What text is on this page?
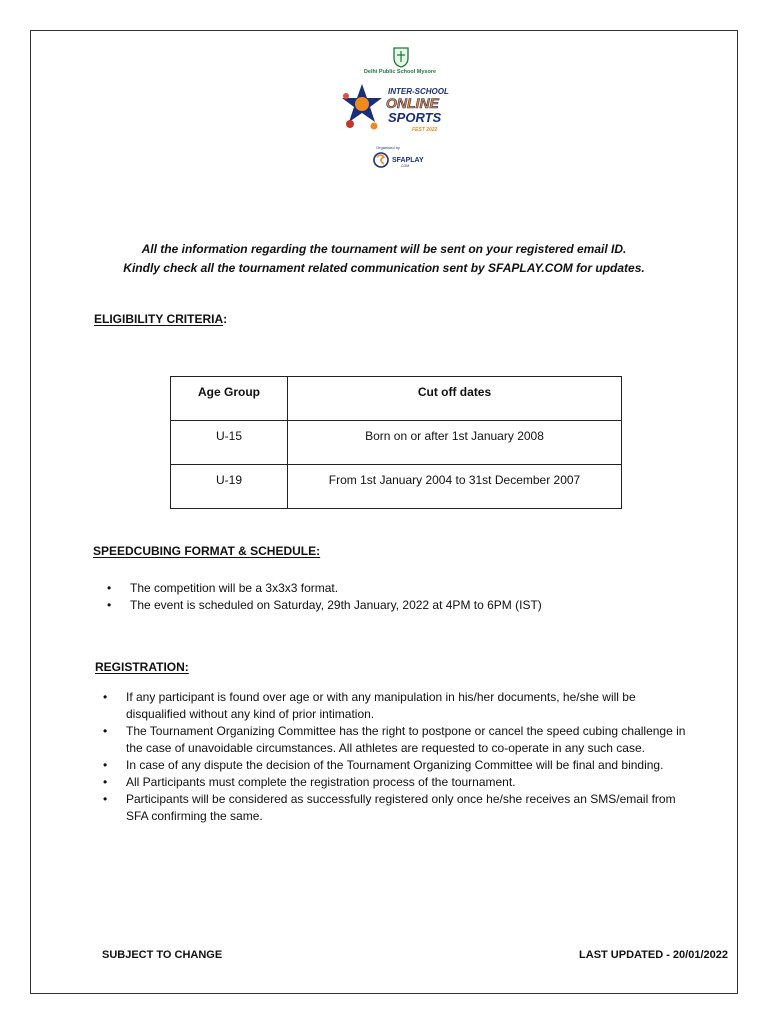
Delhi Public School Mysore
INTER-SCHOOL
ONLINE
SPORTS
FEST 2022
Organised by
SFAPLAY
.COM
All the information regarding the tournament will be sent on your registered email ID.
Kindly check all the tournament related communication sent by SFAPLAY.COM for updates.
ELIGIBILITY CRITERIA:
Age Group	Cut off dates
U-15	Born on or after 1st January 2008
U-19	From 1st January 2004 to 31st December 2007
SPEEDCUBING FORMAT & SCHEDULE:
• The competition will be a 3x3x3 format.
• The event is scheduled on Saturday, 29th January, 2022 at 4PM to 6PM (IST)
REGISTRATION:
• If any participant is found over age or with any manipulation in his/her documents, he/she will be disqualified without any kind of prior intimation.
• The Tournament Organizing Committee has the right to postpone or cancel the speed cubing challenge in the case of unavoidable circumstances. All athletes are requested to co-operate in any such case.
• In case of any dispute the decision of the Tournament Organizing Committee will be final and binding.
• All Participants must complete the registration process of the tournament.
• Participants will be considered as successfully registered only once he/she receives an SMS/email from SFA confirming the same.
SUBJECT TO CHANGE	LAST UPDATED - 20/01/2022
